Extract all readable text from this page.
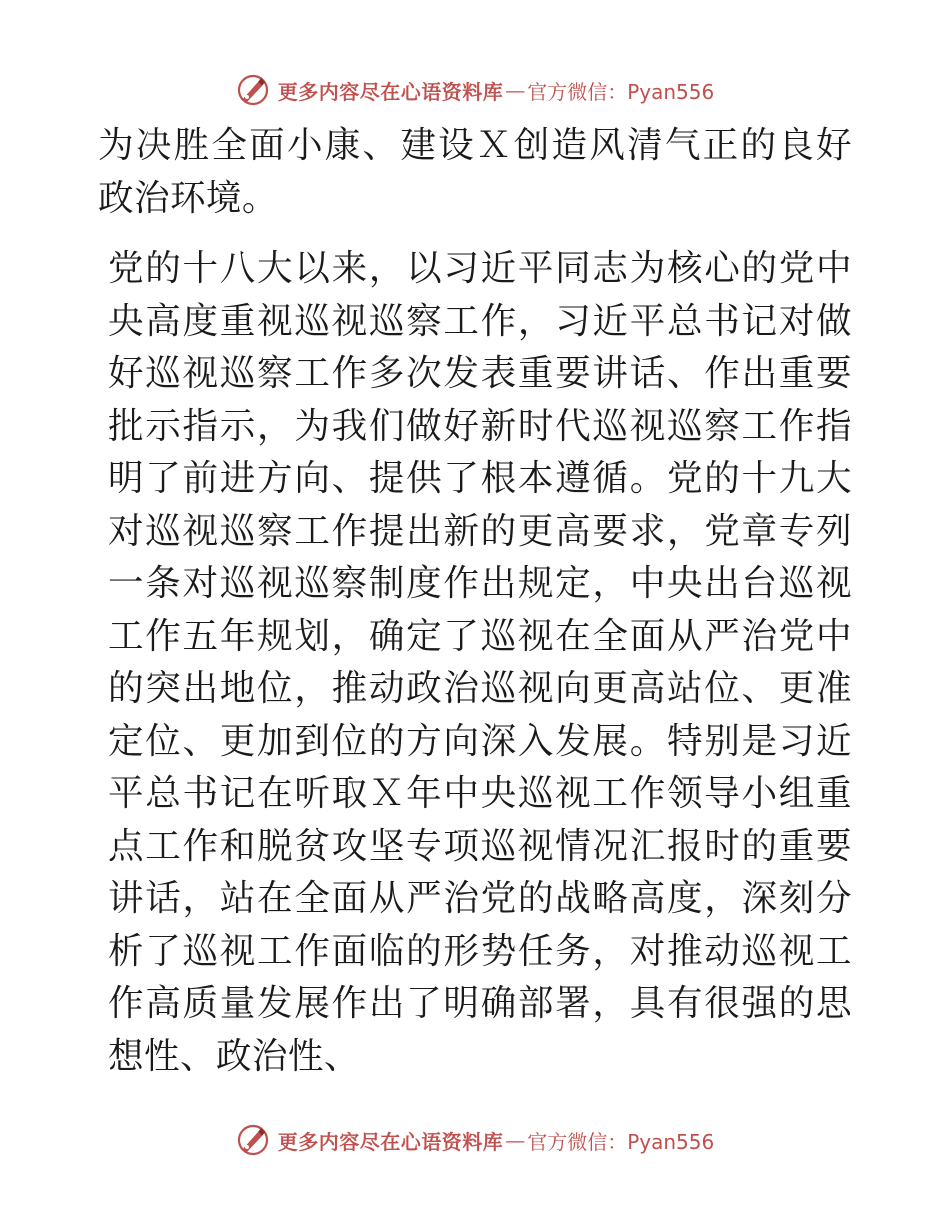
更多内容尽在心语资料库 — 官方微信：Pyan556

为决胜全面小康、建设Ｘ创造风清气正的良好政治环境。

党的十八大以来，以习近平同志为核心的党中央高度重视巡视巡察工作，习近平总书记对做好巡视巡察工作多次发表重要讲话、作出重要批示指示，为我们做好新时代巡视巡察工作指明了前进方向、提供了根本遵循。党的十九大对巡视巡察工作提出新的更高要求，党章专列一条对巡视巡察制度作出规定，中央出台巡视工作五年规划，确定了巡视在全面从严治党中的突出地位，推动政治巡视向更高站位、更准定位、更加到位的方向深入发展。特别是习近平总书记在听取Ｘ年中央巡视工作领导小组重点工作和脱贫攻坚专项巡视情况汇报时的重要讲话，站在全面从严治党的战略高度，深刻分析了巡视工作面临的形势任务，对推动巡视工作高质量发展作出了明确部署，具有很强的思想性、政治性、

更多内容尽在心语资料库 — 官方微信：Pyan556
